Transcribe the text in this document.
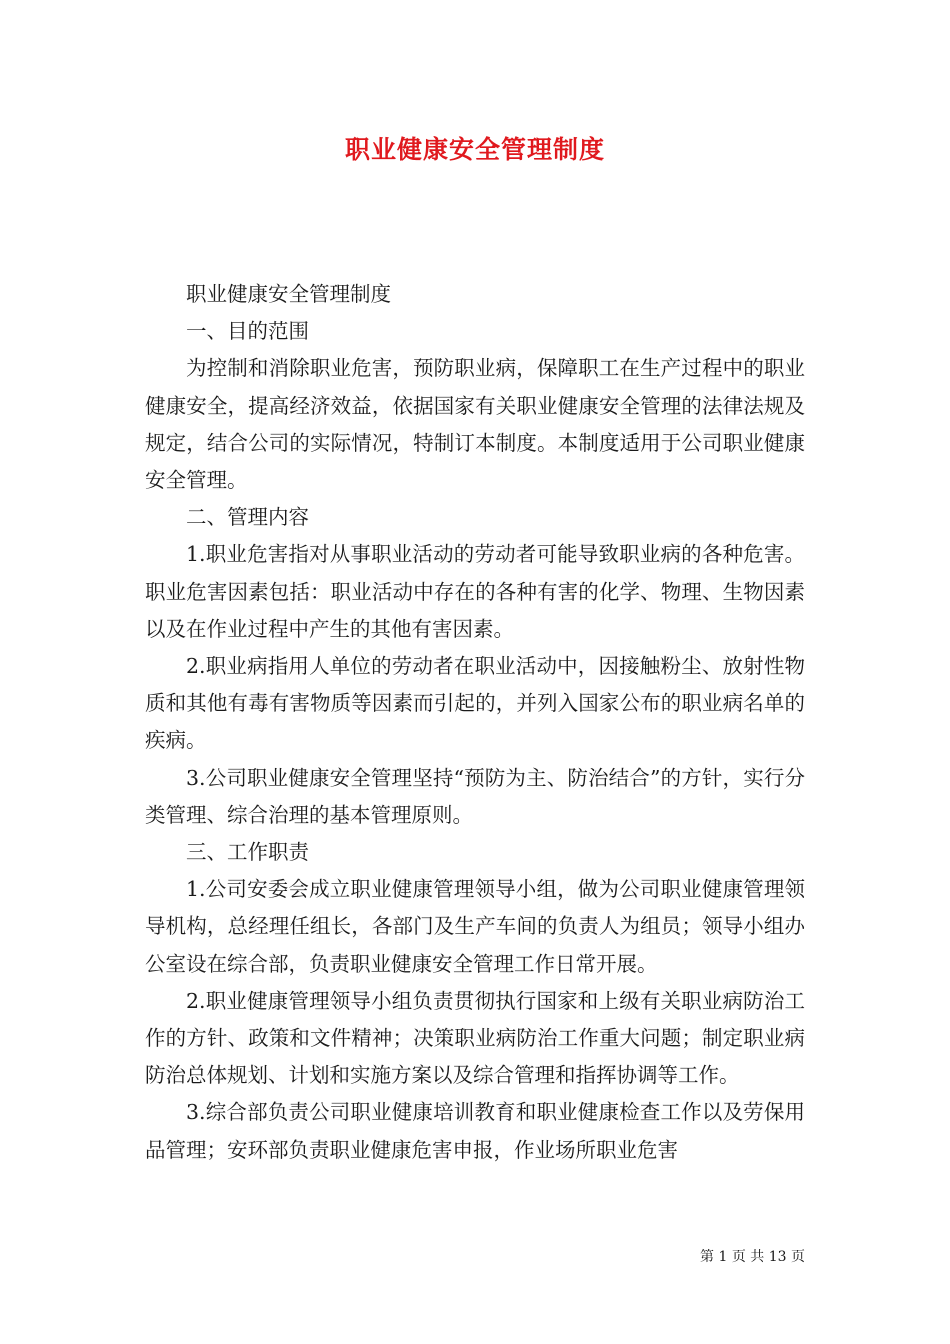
职业健康安全管理制度

职业健康安全管理制度

一、目的范围

为控制和消除职业危害，预防职业病，保障职工在生产过程中的职业健康安全，提高经济效益，依据国家有关职业健康安全管理的法律法规及规定，结合公司的实际情况，特制订本制度。本制度适用于公司职业健康安全管理。

二、管理内容

1.职业危害指对从事职业活动的劳动者可能导致职业病的各种危害。职业危害因素包括：职业活动中存在的各种有害的化学、物理、生物因素以及在作业过程中产生的其他有害因素。

2.职业病指用人单位的劳动者在职业活动中，因接触粉尘、放射性物质和其他有毒有害物质等因素而引起的，并列入国家公布的职业病名单的疾病。

3.公司职业健康安全管理坚持“预防为主、防治结合”的方针，实行分类管理、综合治理的基本管理原则。

三、工作职责

1.公司安委会成立职业健康管理领导小组，做为公司职业健康管理领导机构，总经理任组长，各部门及生产车间的负责人为组员；领导小组办公室设在综合部，负责职业健康安全管理工作日常开展。

2.职业健康管理领导小组负责贯彻执行国家和上级有关职业病防治工作的方针、政策和文件精神；决策职业病防治工作重大问题；制定职业病防治总体规划、计划和实施方案以及综合管理和指挥协调等工作。

3.综合部负责公司职业健康培训教育和职业健康检查工作以及劳保用品管理；安环部负责职业健康危害申报，作业场所职业危害

第 1 页 共 13 页
